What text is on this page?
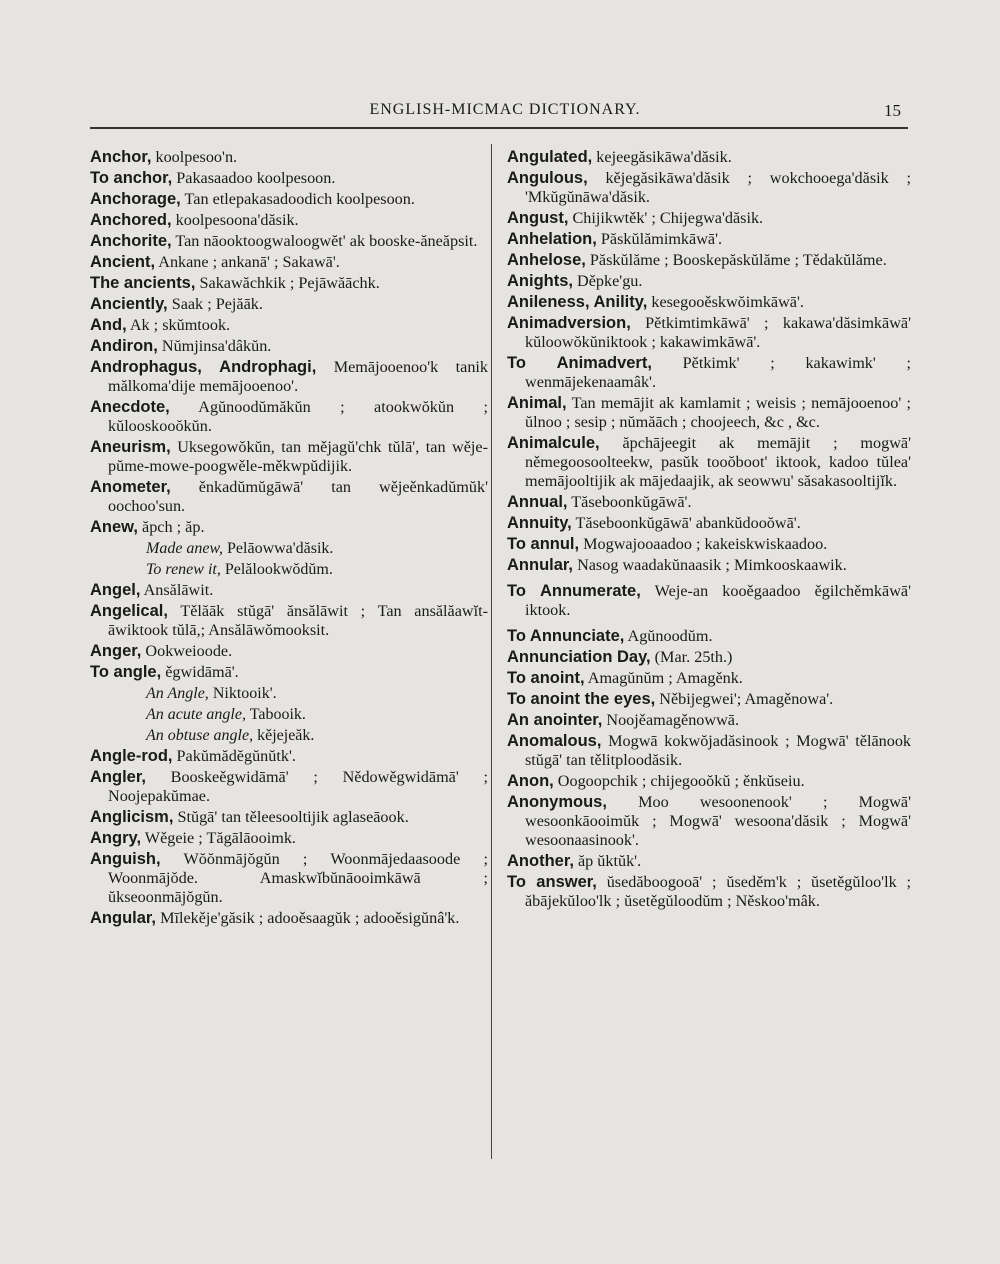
ENGLISH-MICMAC DICTIONARY.	15

Anchor, koolpesoo'n.

To anchor, Pakasaadoo koolpesoon.

Anchorage, Tan etlepakasadoodich koolpesoon.

Anchored, koolpesoona'dăsik.

Anchorite, Tan nāooktoogwaloogwĕt' ak booske-ăneăpsit.

Ancient, Ankane ; ankanā' ; Sakawā'.

The ancients, Sakawăchkik ; Pejāwăāchk.

Anciently, Saak ; Pejăāk.

And, Ak ; skŭmtook.

Andiron, Nŭmjinsa'dâkŭn.

Androphagus, Androphagi, Memājooenoo'k tanik mălkoma'dije memājooenoo'.

Anecdote, Agŭnoodŭmăkŭn ; atookwŏkŭn ; kŭlooskooŏkŭn.

Aneurism, Uksegowŏkŭn, tan mějagŭ'chk tŭlā', tan wěje-pŭme-mowe-poogwěle-měkwpŭdijik.

Anometer, ěnkadŭmŭgāwā' tan wějeěnkadŭmŭk' oochoo'sun.

Anew, ăpch ; ăp.

Made anew, Pelāowwa'dăsik.

To renew it, Pelălookwŏdŭm.

Angel, Ansălāwit.

Angelical, Tělăāk stŭgā' ănsălāwit ; Tan ansălăawĭt-āwiktook tŭlā,; Ansălāwŏmooksit.

Anger, Ookweioode.

To angle, ěgwidāmā'.

An Angle, Niktooik'.

An acute angle, Tabooik.

An obtuse angle, kějejeăk.

Angle-rod, Pakŭmădĕgŭnŭtk'.

Angler, Booskeěgwidāmā' ; Nědowěgwidāmā' ; Noojepakŭmae.

Anglicism, Stŭgā' tan těleesooltijik aglaseāook.

Angry, Wěgeie ; Tăgālāooimk.

Anguish, Wŏŏnmājŏgŭn ; Woonmājedaasoode ; Woonmājŏde. Amaskwĭbŭnāooimkāwā ; ŭkseoonmājŏgŭn.

Angular, Mīlekěje'găsik ; adooěsaagŭk ; adooěsigŭnâ'k.

Angulated, kejeegăsikāwa'dăsik.

Angulous, kějegăsikāwa'dăsik ; wokchooega'dăsik ; 'Mkŭgŭnāwa'dăsik.

Angust, Chijikwtěk' ; Chijegwa'dăsik.

Anhelation, Păskŭlămimkāwā'.

Anhelose, Păskŭlăme ; Booskepăskŭlăme ; Tědakŭlăme.

Anights, Děpke'gu.

Anileness, Anility, kesegooěskwŏimkāwā'.

Animadversion, Pětkimtimkāwā' ; kakawa'dăsimkāwā' kŭloowŏkŭniktook ; kakawimkāwā'.

To Animadvert, Pětkimk' ; kakawimk' ; wenmājekenaamâk'.

Animal, Tan memājit ak kamlamit ; weisis ; nemājooenoo' ; ŭlnoo ; sesip ; nŭmăāch ; choojeech, &c , &c.

Animalcule, ăpchājeegit ak memājit ; mogwā' němegoosoolteekw, pasŭk tooŏboot' iktook, kadoo tŭlea' memājooltijik ak mājedaajik, ak seowwu' săsakasooltijĭk.

Annual, Tăseboonkŭgāwā'.

Annuity, Tăseboonkŭgāwā' abankŭdooŏwā'.

To annul, Mogwajooaadoo ; kakeiskwiskaadoo.

Annular, Nasog waadakŭnaasik ; Mimkooskaawik.

To Annumerate, Weje-an kooěgaadoo ěgilchěmkāwā' iktook.

To Annunciate, Agŭnoodŭm.

Annunciation Day, (Mar. 25th.)

To anoint, Amagŭnŭm ; Amagěnk.

To anoint the eyes, Něbijegwei'; Amagěnowa'.

An anointer, Noojěamagěnowwā.

Anomalous, Mogwā kokwŏjadăsinook ; Mogwā' tělānook stŭgā' tan tělitploodăsik.

Anon, Oogoopchik ; chijegooŏkŭ ; ěnkŭseiu.

Anonymous, Moo wesoonenook' ; Mogwā' wesoonkāooimŭk ; Mogwā' wesoona'dăsik ; Mogwā' wesoonaasinook'.

Another, ăp ŭktŭk'.

To answer, ŭsedăboogooā' ; ŭseděm'k ; ŭsetěgŭloo'lk ; ăbājekŭloo'lk ; ŭsetěgŭloodŭm ; Něskoo'mâk.
